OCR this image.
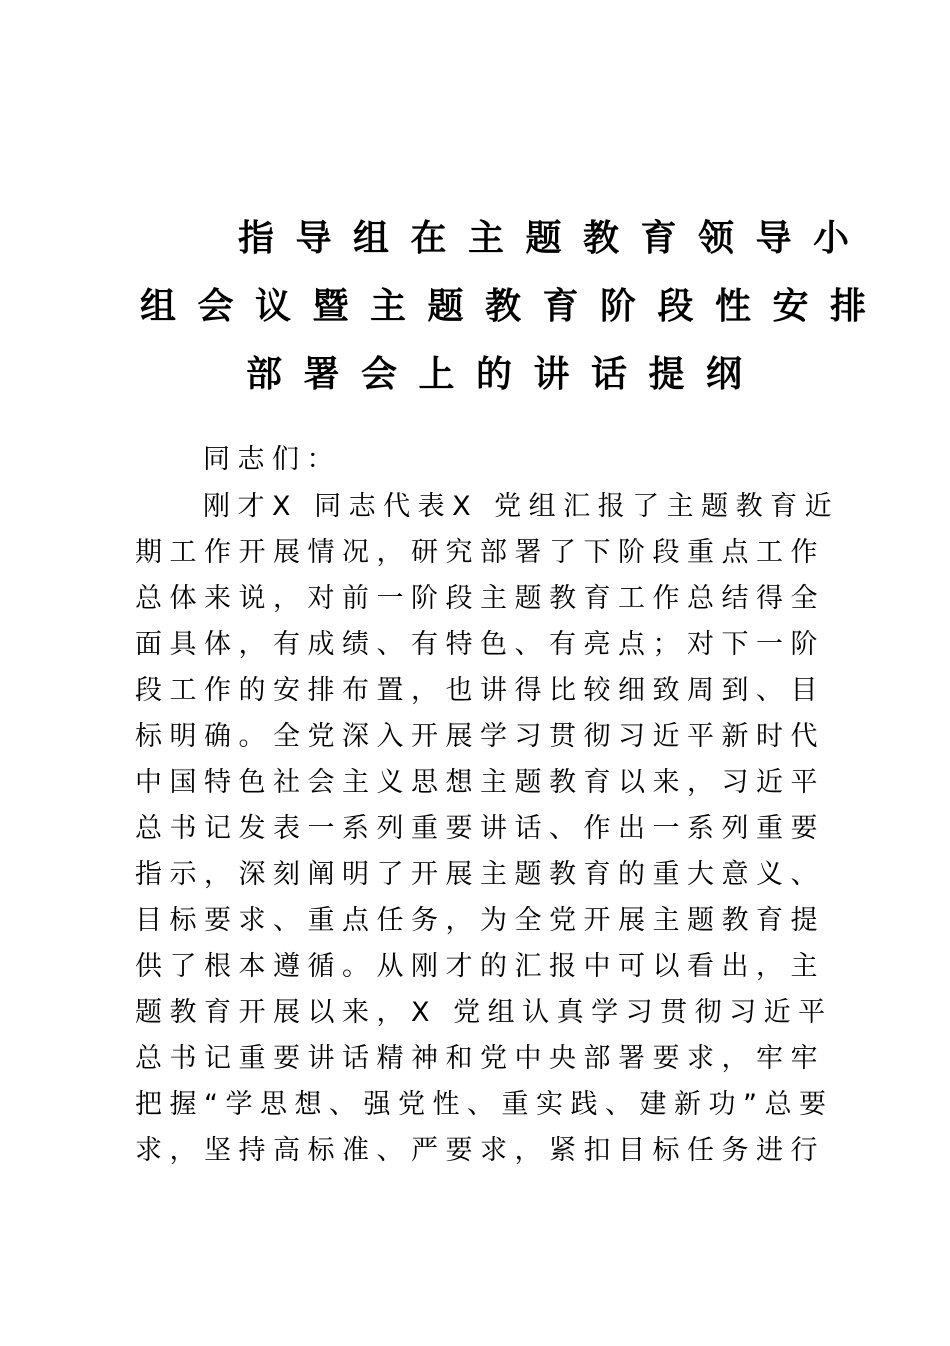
指导组在主题教育领导小
组会议暨主题教育阶段性安排
部署会上的讲话提纲

同志们：

刚才X 同志代表X 党组汇报了主题教育近

期工作开展情况，研究部署了下阶段重点工作

总体来说，对前一阶段主题教育工作总结得全

面具体，有成绩、有特色、有亮点；对下一阶

段工作的安排布置，也讲得比较细致周到、目

标明确。全党深入开展学习贯彻习近平新时代

中国特色社会主义思想主题教育以来，习近平

总书记发表一系列重要讲话、作出一系列重要

指示，深刻阐明了开展主题教育的重大意义、

目标要求、重点任务，为全党开展主题教育提

供了根本遵循。从刚才的汇报中可以看出，主

题教育开展以来，X 党组认真学习贯彻习近平

总书记重要讲话精神和党中央部署要求，牢牢

把握“学思想、强党性、重实践、建新功”总要

求，坚持高标准、严要求，紧扣目标任务进行
